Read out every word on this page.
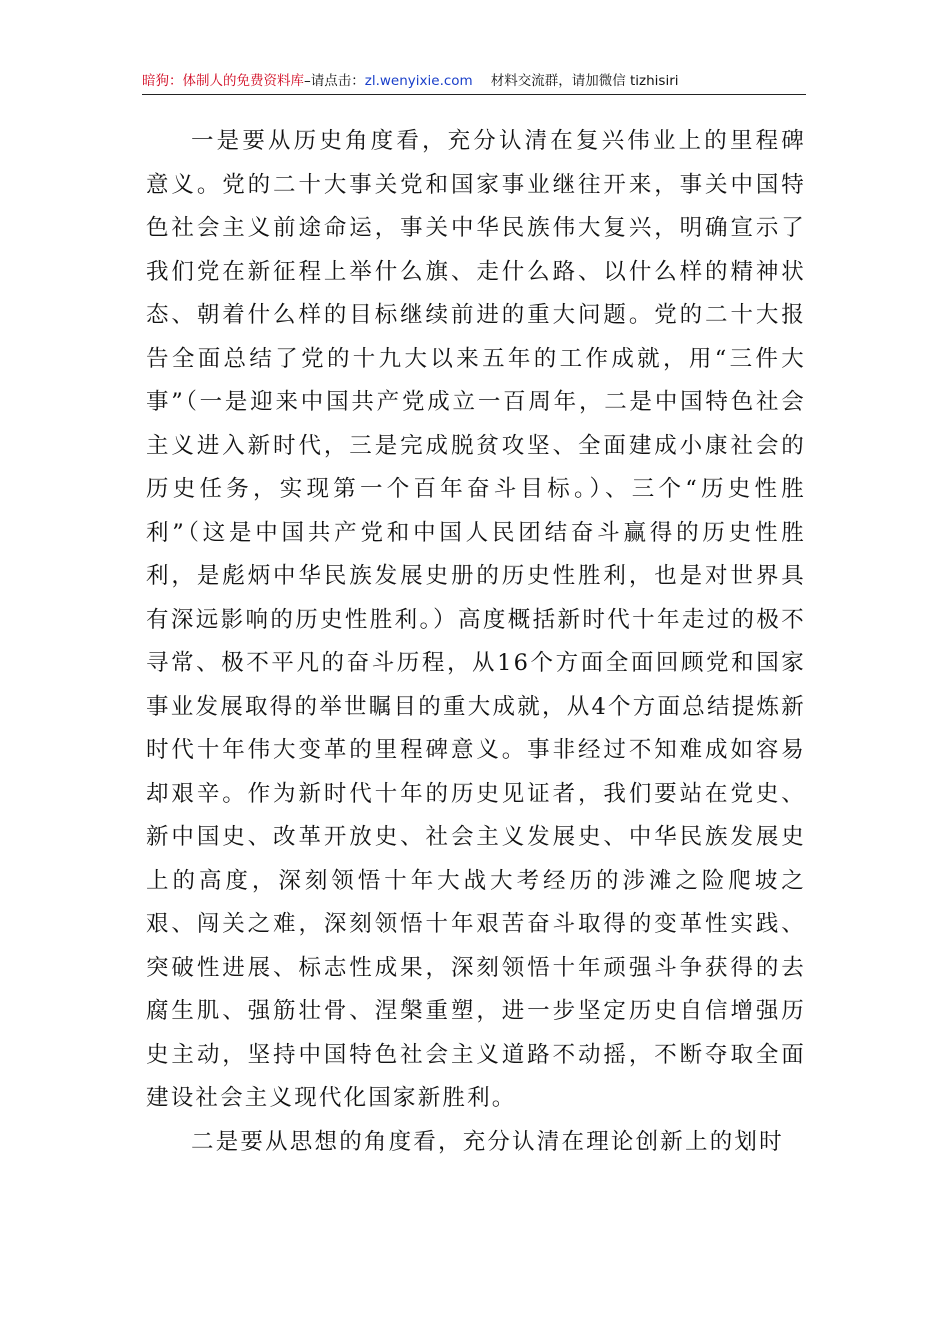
暗狗：体制人的免费资料库–请点击：zl.wenyixie.com 材料交流群，请加微信 tizhisiri

一是要从历史角度看，充分认清在复兴伟业上的里程碑意义。党的二十大事关党和国家事业继往开来，事关中国特色社会主义前途命运，事关中华民族伟大复兴，明确宣示了我们党在新征程上举什么旗、走什么路、以什么样的精神状态、朝着什么样的目标继续前进的重大问题。党的二十大报告全面总结了党的十九大以来五年的工作成就，用“三件大事”（一是迎来中国共产党成立一百周年，二是中国特色社会主义进入新时代，三是完成脱贫攻坚、全面建成小康社会的历史任务，实现第一个百年奋斗目标。）、三个“历史性胜利”（这是中国共产党和中国人民团结奋斗赢得的历史性胜利，是彪炳中华民族发展史册的历史性胜利，也是对世界具有深远影响的历史性胜利。）高度概括新时代十年走过的极不寻常、极不平凡的奋斗历程，从16个方面全面回顾党和国家事业发展取得的举世瞩目的重大成就，从4个方面总结提炼新时代十年伟大变革的里程碑意义。事非经过不知难成如容易却艰辛。作为新时代十年的历史见证者，我们要站在党史、新中国史、改革开放史、社会主义发展史、中华民族发展史上的高度，深刻领悟十年大战大考经历的涉滩之险爬坡之艰、闯关之难，深刻领悟十年艰苦奋斗取得的变革性实践、突破性进展、标志性成果，深刻领悟十年顽强斗争获得的去腐生肌、强筋壮骨、涅槃重塑，进一步坚定历史自信增强历史主动，坚持中国特色社会主义道路不动摇，不断夺取全面建设社会主义现代化国家新胜利。

二是要从思想的角度看，充分认清在理论创新上的划时
